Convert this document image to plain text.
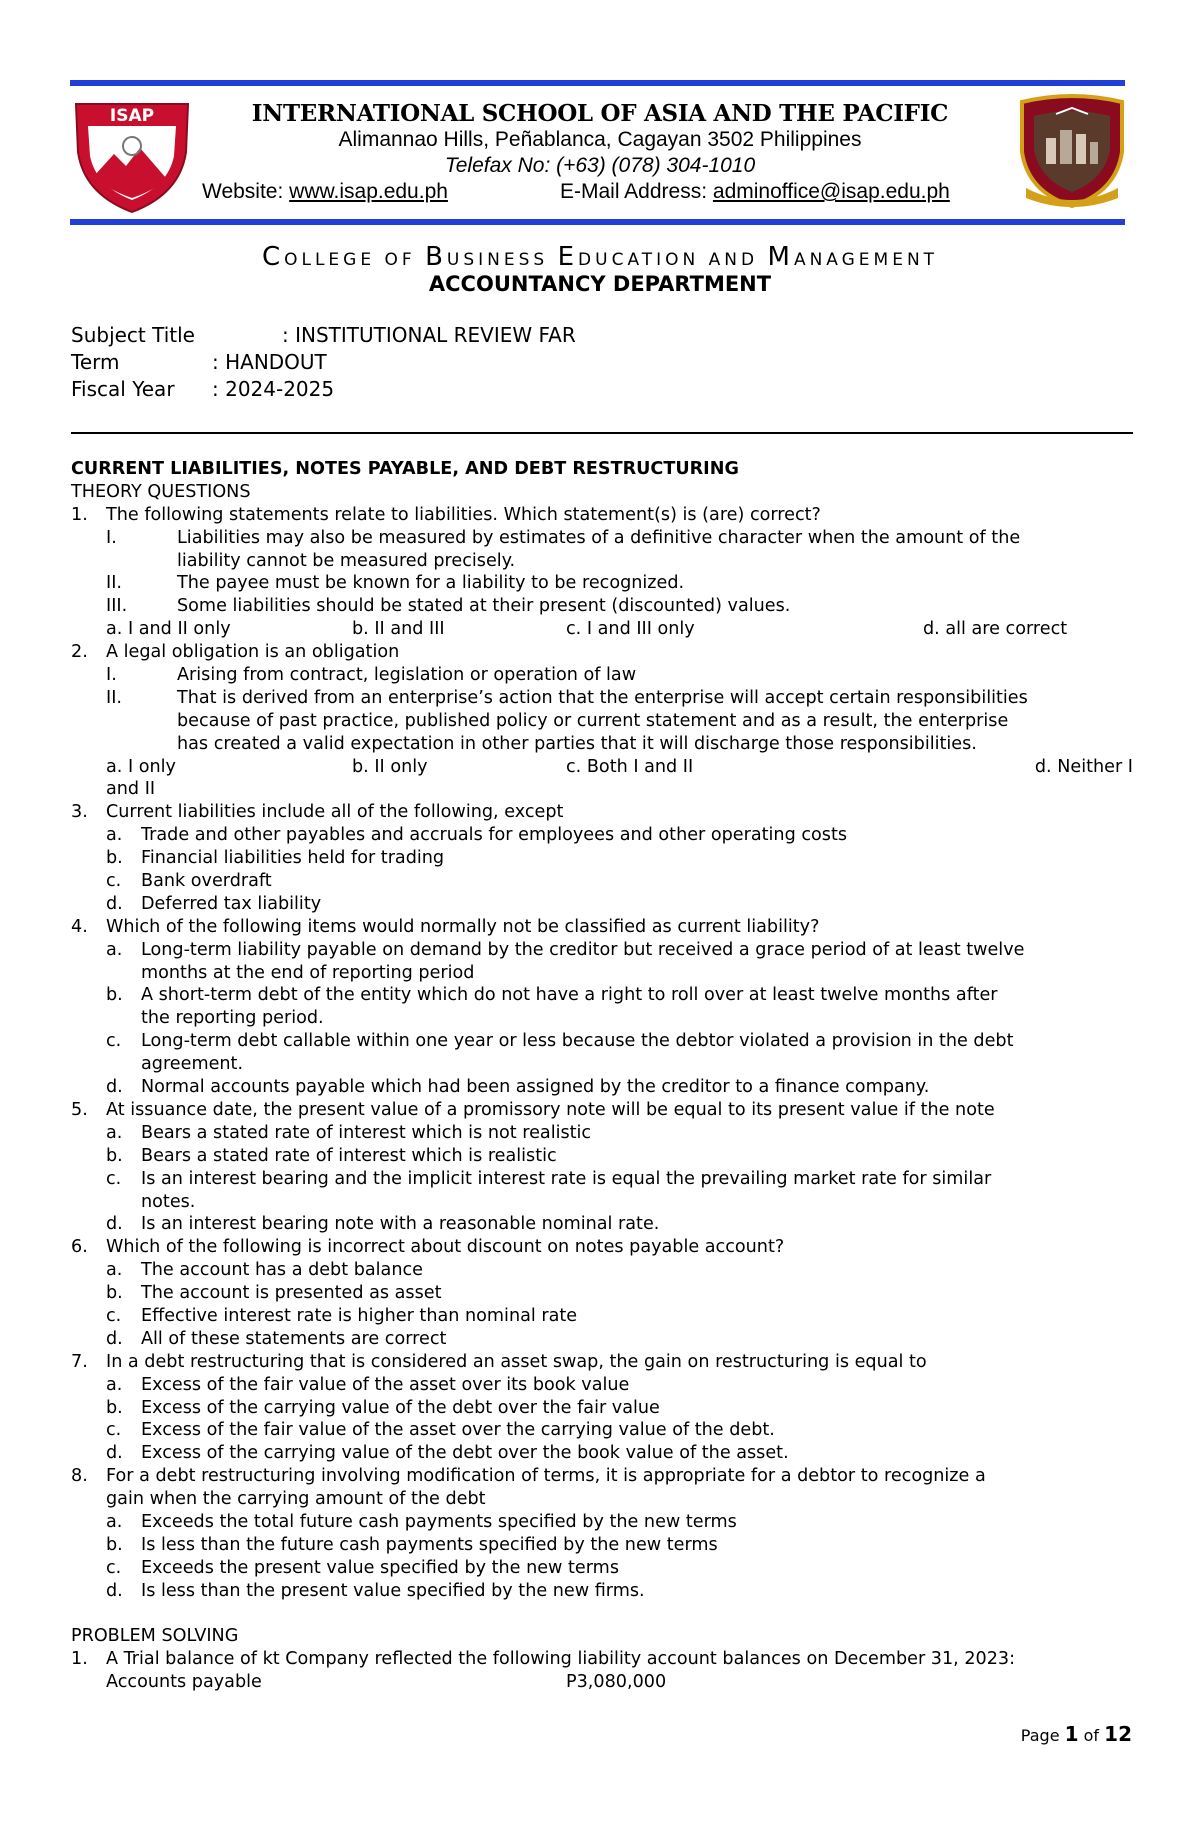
ISAP	INTERNATIONAL SCHOOL OF ASIA AND THE PACIFIC
Alimannao Hills, Peñablanca, Cagayan 3502 Philippines
Telefax No: (+63) (078) 304-1010
Website: www.isap.edu.ph	E-Mail Address: adminoffice@isap.edu.ph
COLLEGE OF BUSINESS EDUCATION AND MANAGEMENT
ACCOUNTANCY DEPARTMENT
Subject Title	: INSTITUTIONAL REVIEW FAR
Term	: HANDOUT
Fiscal Year : 2024-2025
CURRENT LIABILITIES, NOTES PAYABLE, AND DEBT RESTRUCTURING
THEORY QUESTIONS
1. The following statements relate to liabilities. Which statement(s) is (are) correct?
I.	Liabilities may also be measured by estimates of a definitive character when the amount of the
liability cannot be measured precisely.
II.	The payee must be known for a liability to be recognized.
III.	Some liabilities should be stated at their present (discounted) values.
a. I and II only	b. II and III	c. I and III only	d. all are correct
2. A legal obligation is an obligation
I.	Arising from contract, legislation or operation of law
II.	That is derived from an enterprise’s action that the enterprise will accept certain responsibilities
because of past practice, published policy or current statement and as a result, the enterprise
has created a valid expectation in other parties that it will discharge those responsibilities.
a. I only	b. II only	c. Both I and II	d. Neither I
and II
3. Current liabilities include all of the following, except
a. Trade and other payables and accruals for employees and other operating costs
b. Financial liabilities held for trading
c. Bank overdraft
d. Deferred tax liability
4. Which of the following items would normally not be classified as current liability?
a. Long-term liability payable on demand by the creditor but received a grace period of at least twelve
months at the end of reporting period
b. A short-term debt of the entity which do not have a right to roll over at least twelve months after
the reporting period.
c. Long-term debt callable within one year or less because the debtor violated a provision in the debt
agreement.
d. Normal accounts payable which had been assigned by the creditor to a finance company.
5. At issuance date, the present value of a promissory note will be equal to its present value if the note
a. Bears a stated rate of interest which is not realistic
b. Bears a stated rate of interest which is realistic
c. Is an interest bearing and the implicit interest rate is equal the prevailing market rate for similar
notes.
d. Is an interest bearing note with a reasonable nominal rate.
6. Which of the following is incorrect about discount on notes payable account?
a. The account has a debt balance
b. The account is presented as asset
c. Effective interest rate is higher than nominal rate
d. All of these statements are correct
7. In a debt restructuring that is considered an asset swap, the gain on restructuring is equal to
a. Excess of the fair value of the asset over its book value
b. Excess of the carrying value of the debt over the fair value
c. Excess of the fair value of the asset over the carrying value of the debt.
d. Excess of the carrying value of the debt over the book value of the asset.
8. For a debt restructuring involving modification of terms, it is appropriate for a debtor to recognize a
gain when the carrying amount of the debt
a. Exceeds the total future cash payments specified by the new terms
b. Is less than the future cash payments specified by the new terms
c. Exceeds the present value specified by the new terms
d. Is less than the present value specified by the new firms.
PROBLEM SOLVING
1. A Trial balance of kt Company reflected the following liability account balances on December 31, 2023:
Accounts payable	P3,080,000
Page 1 of 12
